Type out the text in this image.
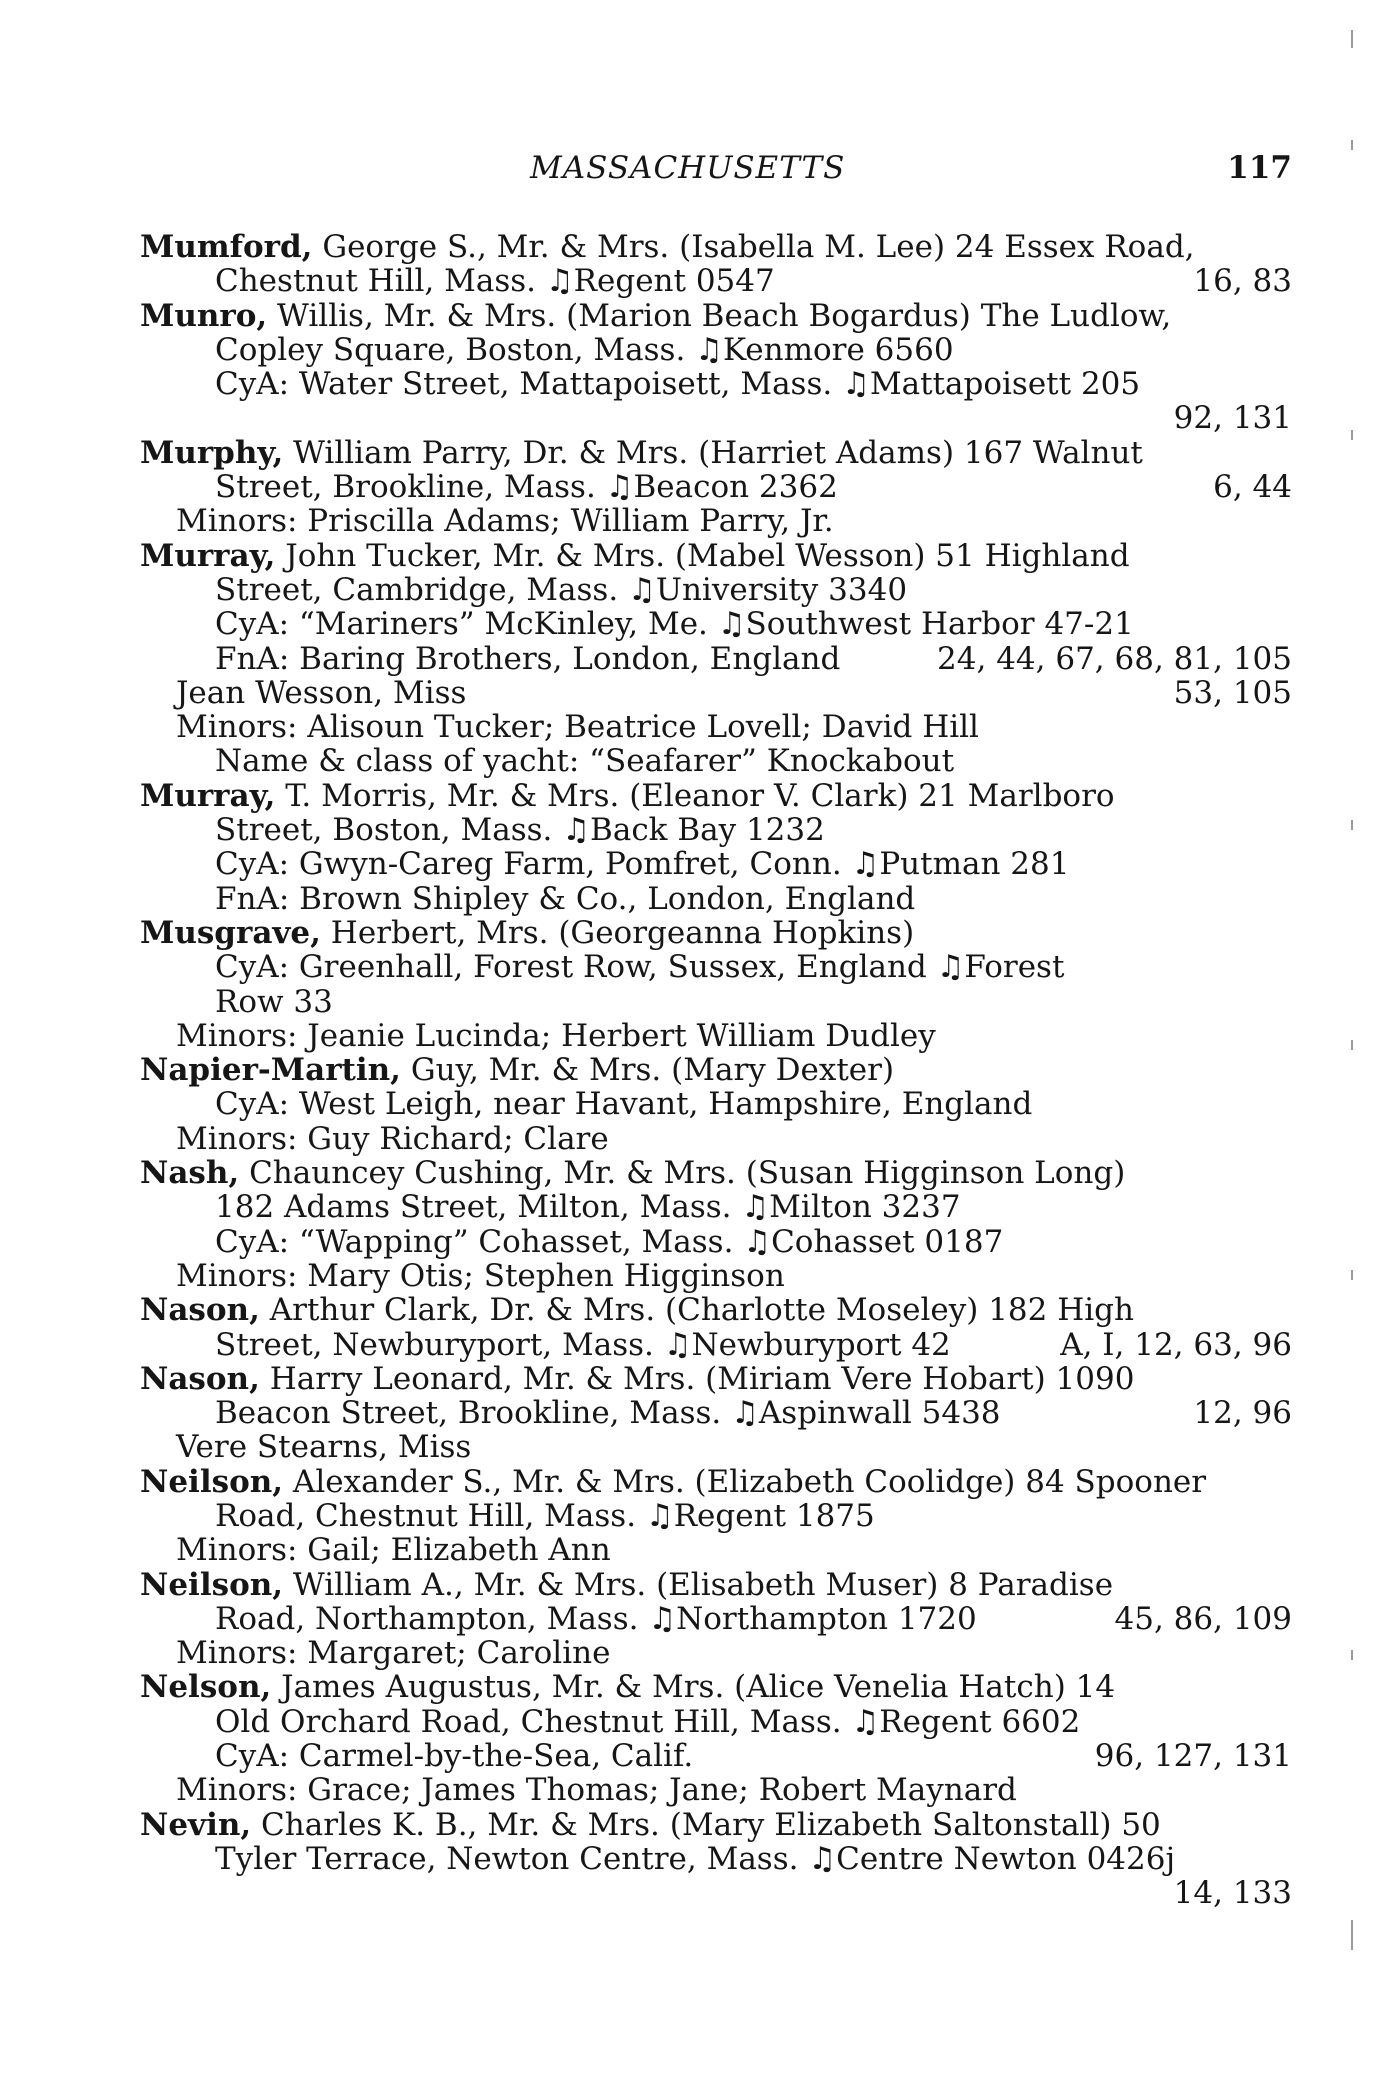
MASSACHUSETTS	117
Mumford, George S., Mr. & Mrs. (Isabella M. Lee) 24 Essex Road,
Chestnut Hill, Mass. ♫Regent 0547	16, 83
Munro, Willis, Mr. & Mrs. (Marion Beach Bogardus) The Ludlow,
Copley Square, Boston, Mass. ♫Kenmore 6560
CyA: Water Street, Mattapoisett, Mass. ♫Mattapoisett 205
92, 131
Murphy, William Parry, Dr. & Mrs. (Harriet Adams) 167 Walnut
Street, Brookline, Mass. ♫Beacon 2362	6, 44
Minors: Priscilla Adams; William Parry, Jr.
Murray, John Tucker, Mr. & Mrs. (Mabel Wesson) 51 Highland
Street, Cambridge, Mass. ♫University 3340
CyA: “Mariners” McKinley, Me. ♫Southwest Harbor 47-21
FnA: Baring Brothers, London, England	24, 44, 67, 68, 81, 105
Jean Wesson, Miss	53, 105
Minors: Alisoun Tucker; Beatrice Lovell; David Hill
Name & class of yacht: “Seafarer” Knockabout
Murray, T. Morris, Mr. & Mrs. (Eleanor V. Clark) 21 Marlboro
Street, Boston, Mass. ♫Back Bay 1232
CyA: Gwyn-Careg Farm, Pomfret, Conn. ♫Putman 281
FnA: Brown Shipley & Co., London, England
Musgrave, Herbert, Mrs. (Georgeanna Hopkins)
CyA: Greenhall, Forest Row, Sussex, England ♫Forest
Row 33
Minors: Jeanie Lucinda; Herbert William Dudley
Napier-Martin, Guy, Mr. & Mrs. (Mary Dexter)
CyA: West Leigh, near Havant, Hampshire, England
Minors: Guy Richard; Clare
Nash, Chauncey Cushing, Mr. & Mrs. (Susan Higginson Long)
182 Adams Street, Milton, Mass. ♫Milton 3237
CyA: “Wapping” Cohasset, Mass. ♫Cohasset 0187
Minors: Mary Otis; Stephen Higginson
Nason, Arthur Clark, Dr. & Mrs. (Charlotte Moseley) 182 High
Street, Newburyport, Mass. ♫Newburyport 42	A, I, 12, 63, 96
Nason, Harry Leonard, Mr. & Mrs. (Miriam Vere Hobart) 1090
Beacon Street, Brookline, Mass. ♫Aspinwall 5438	12, 96
Vere Stearns, Miss
Neilson, Alexander S., Mr. & Mrs. (Elizabeth Coolidge) 84 Spooner
Road, Chestnut Hill, Mass. ♫Regent 1875
Minors: Gail; Elizabeth Ann
Neilson, William A., Mr. & Mrs. (Elisabeth Muser) 8 Paradise
Road, Northampton, Mass. ♫Northampton 1720	45, 86, 109
Minors: Margaret; Caroline
Nelson, James Augustus, Mr. & Mrs. (Alice Venelia Hatch) 14
Old Orchard Road, Chestnut Hill, Mass. ♫Regent 6602
CyA: Carmel-by-the-Sea, Calif.	96, 127, 131
Minors: Grace; James Thomas; Jane; Robert Maynard
Nevin, Charles K. B., Mr. & Mrs. (Mary Elizabeth Saltonstall) 50
Tyler Terrace, Newton Centre, Mass. ♫Centre Newton 0426j
14, 133
